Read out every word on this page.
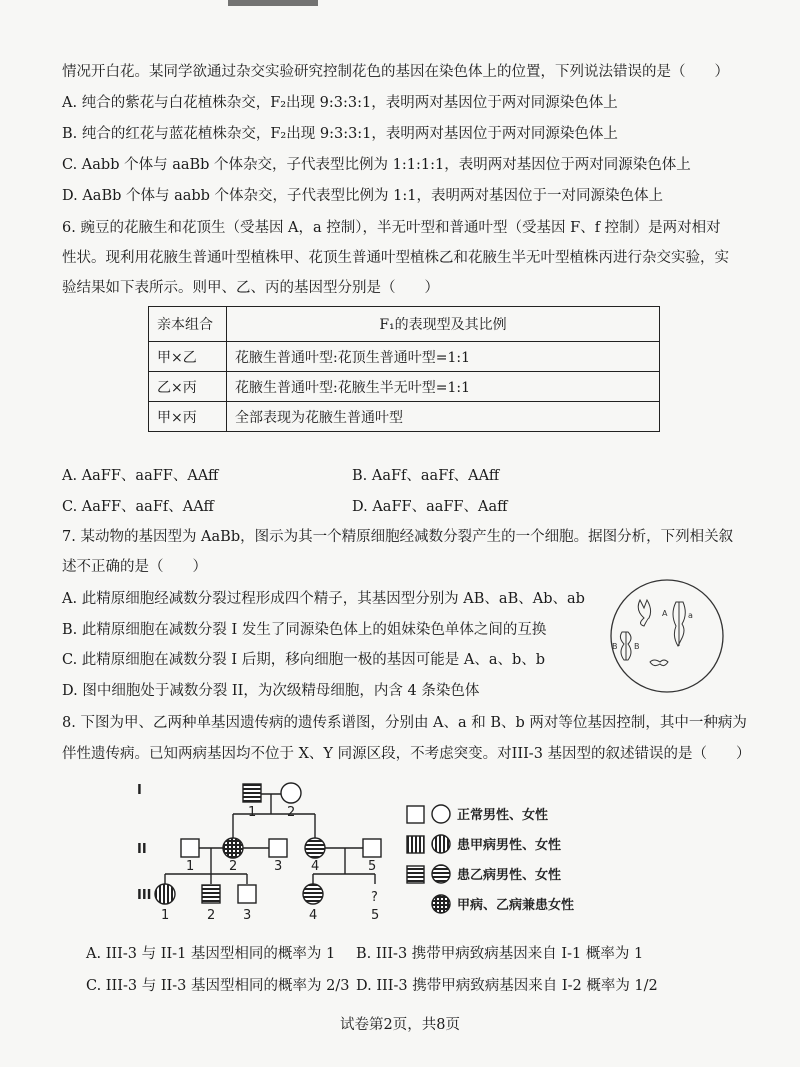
情况开白花。某同学欲通过杂交实验研究控制花色的基因在染色体上的位置，下列说法错误的是（　　）
A. 纯合的紫花与白花植株杂交，F₂出现 9:3:3:1，表明两对基因位于两对同源染色体上
B. 纯合的红花与蓝花植株杂交，F₂出现 9:3:3:1，表明两对基因位于两对同源染色体上
C. Aabb 个体与 aaBb 个体杂交，子代表型比例为 1:1:1:1，表明两对基因位于两对同源染色体上
D. AaBb 个体与 aabb 个体杂交，子代表型比例为 1:1，表明两对基因位于一对同源染色体上
6. 豌豆的花腋生和花顶生（受基因 A，a 控制），半无叶型和普通叶型（受基因 F、f 控制）是两对相对
性状。现利用花腋生普通叶型植株甲、花顶生普通叶型植株乙和花腋生半无叶型植株丙进行杂交实验，实
验结果如下表所示。则甲、乙、丙的基因型分别是（　　）
亲本组合	F₁的表现型及其比例
甲×乙	花腋生普通叶型:花顶生普通叶型=1:1
乙×丙	花腋生普通叶型:花腋生半无叶型=1:1
甲×丙	全部表现为花腋生普通叶型
A. AaFF、aaFF、AAff	B. AaFf、aaFf、AAff
C. AaFF、aaFf、AAff	D. AaFF、aaFF、Aaff
7. 某动物的基因型为 AaBb，图示为其一个精原细胞经减数分裂产生的一个细胞。据图分析，下列相关叙
述不正确的是（　　）
A. 此精原细胞经减数分裂过程形成四个精子，其基因型分别为 AB、aB、Ab、ab
B. 此精原细胞在减数分裂 I 发生了同源染色体上的姐妹染色单体之间的互换
C. 此精原细胞在减数分裂 I 后期，移向细胞一极的基因可能是 A、a、b、b
D. 图中细胞处于减数分裂 II，为次级精母细胞，内含 4 条染色体
A	a
B B
8. 下图为甲、乙两种单基因遗传病的遗传系谱图，分别由 A、a 和 B、b 两对等位基因控制，其中一种病为
伴性遗传病。已知两病基因均不位于 X、Y 同源区段，不考虑突变。对III-3 基因型的叙述错误的是（　　）
I
II
III
1 2
1	2	3 4	5
1	2 3	4
?
5
正常男性、女性
患甲病男性、女性
患乙病男性、女性
甲病、乙病兼患女性
A. III-3 与 II-1 基因型相同的概率为 1 B. III-3 携带甲病致病基因来自 I-1 概率为 1
C. III-3 与 II-3 基因型相同的概率为 2/3 D. III-3 携带甲病致病基因来自 I-2 概率为 1/2
试卷第2页，共8页
